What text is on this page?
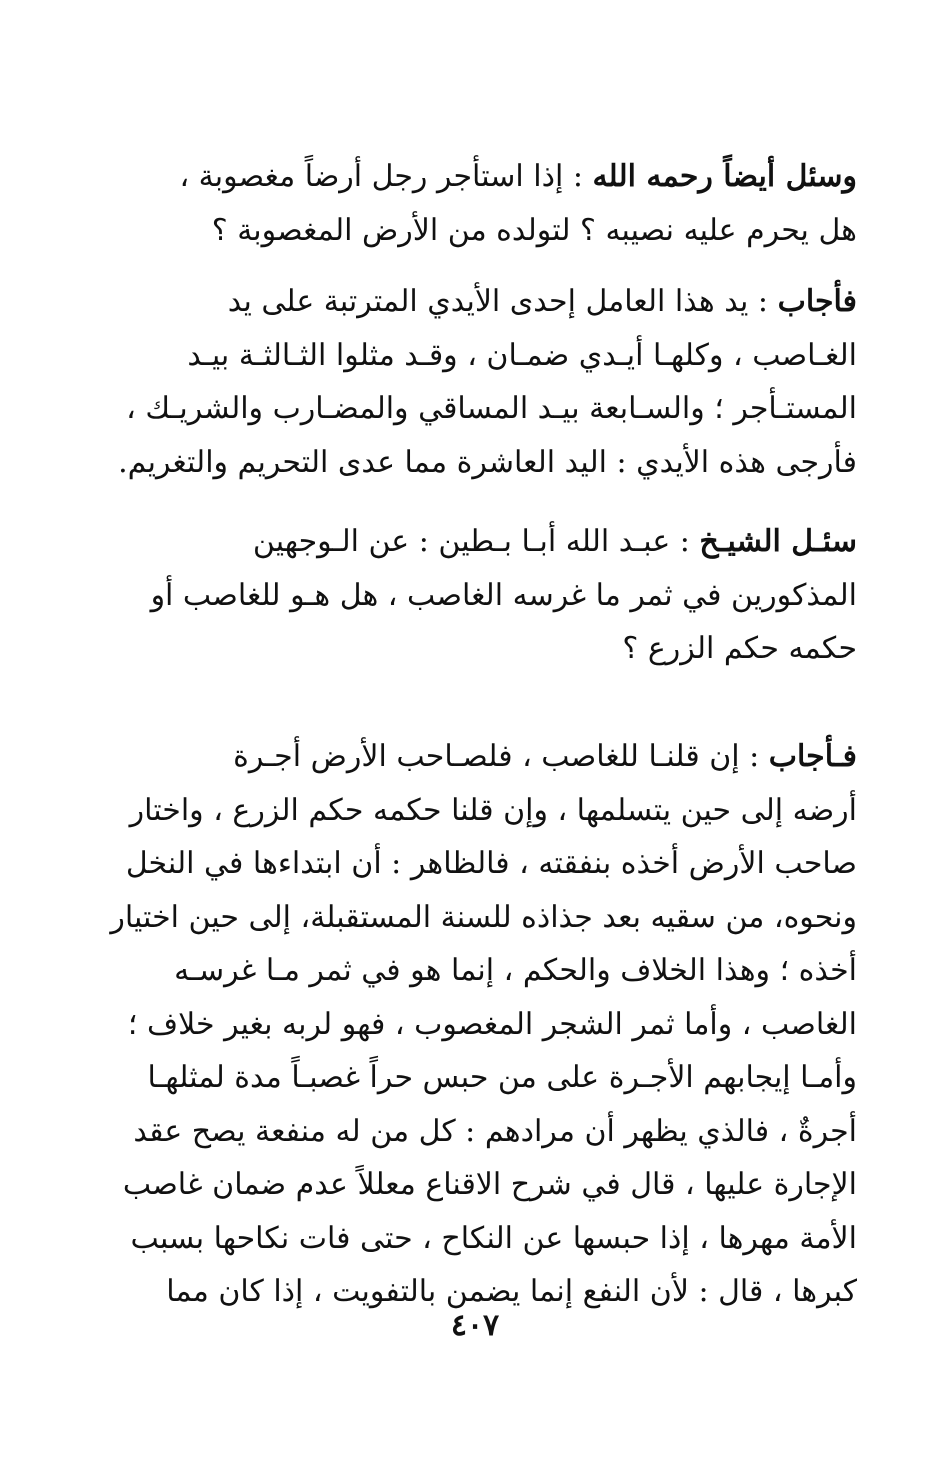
وسئل أيضاً رحمه الله : إذا استأجر رجل أرضاً مغصوبة ،
هل يحرم عليه نصيبه ؟ لتولده من الأرض المغصوبة ؟
فأجاب : يد هذا العامل إحدى الأيدي المترتبة على يد
الغـاصب ، وكلهـا أيـدي ضمـان ، وقـد مثلوا الثـالثـة بيـد
المستـأجر ؛ والسـابعة بيـد المساقي والمضـارب والشريـك ،
فأرجى هذه الأيدي : اليد العاشرة مما عدى التحريم والتغريم.
سئـل الشيـخ : عبـد الله أبـا بـطين : عن الـوجهين
المذكورين في ثمر ما غرسه الغاصب ، هل هـو للغاصب أو
حكمه حكم الزرع ؟
فـأجاب : إن قلنـا للغاصب ، فلصـاحب الأرض أجـرة
أرضه إلى حين يتسلمها ، وإن قلنا حكمه حكم الزرع ، واختار
صاحب الأرض أخذه بنفقته ، فالظاهر : أن ابتداءها في النخل
ونحوه، من سقيه بعد جذاذه للسنة المستقبلة، إلى حين اختيار
أخذه ؛ وهذا الخلاف والحكم ، إنما هو في ثمر مـا غرسـه
الغاصب ، وأما ثمر الشجر المغصوب ، فهو لربه بغير خلاف ؛
وأمـا إيجابهم الأجـرة على من حبس حراً غصبـاً مدة لمثلهـا
أجرةٌ ، فالذي يظهر أن مرادهم : كل من له منفعة يصح عقد
الإجارة عليها ، قال في شرح الاقناع معللاً عدم ضمان غاصب
الأمة مهرها ، إذا حبسها عن النكاح ، حتى فات نكاحها بسبب
كبرها ، قال : لأن النفع إنما يضمن بالتفويت ، إذا كان مما
٤٠٧
